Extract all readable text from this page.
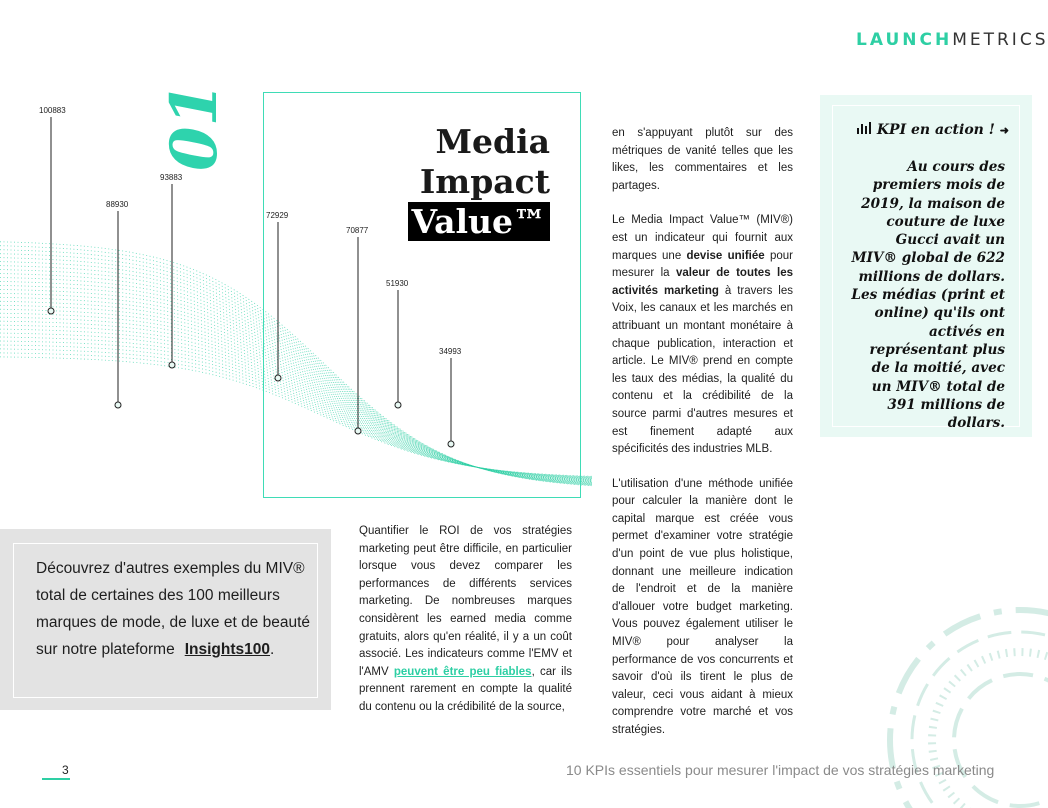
LAUNCHMETRICS
100883
88930
93883
72929
70877
51930
34993
01	Media
Impact
Value™

Quantifier le ROI de vos stratégies marketing peut être difficile, en particulier lorsque vous devez comparer les performances de différents services marketing. De nombreuses marques considèrent les earned media comme gratuits, alors qu'en réalité, il y a un coût associé. Les indicateurs comme l'EMV et l'AMV peuvent être peu fiables, car ils prennent rarement en compte la qualité du contenu ou la crédibilité de la source,

en s'appuyant plutôt sur des métriques de vanité telles que les likes, les commentaires et les partages.

Le Media Impact Value™ (MIV®) est un indicateur qui fournit aux marques une devise unifiée pour mesurer la valeur de toutes les activités marketing à travers les Voix, les canaux et les marchés en attribuant un montant monétaire à chaque publication, interaction et article. Le MIV® prend en compte les taux des médias, la qualité du contenu et la crédibilité de la source parmi d'autres mesures et est finement adapté aux spécificités des industries MLB.

L'utilisation d'une méthode unifiée pour calculer la manière dont le capital marque est créée vous permet d'examiner votre stratégie d'un point de vue plus holistique, donnant une meilleure indication de l'endroit et de la manière d'allouer votre budget marketing. Vous pouvez également utiliser le MIV® pour analyser la performance de vos concurrents et savoir d'où ils tirent le plus de valeur, ceci vous aidant à mieux comprendre votre marché et vos stratégies.

KPI en action ! ➜
Au cours des premiers mois de 2019, la maison de couture de luxe Gucci avait un MIV® global de 622 millions de dollars. Les médias (print et online) qu'ils ont activés en représentant plus de la moitié, avec un MIV® total de 391 millions de dollars.
Découvrez d'autres exemples du MIV® total de certaines des 100 meilleurs marques de mode, de luxe et de beauté sur notre plateforme Insights100.
3	10 KPIs essentiels pour mesurer l'impact de vos stratégies marketing
